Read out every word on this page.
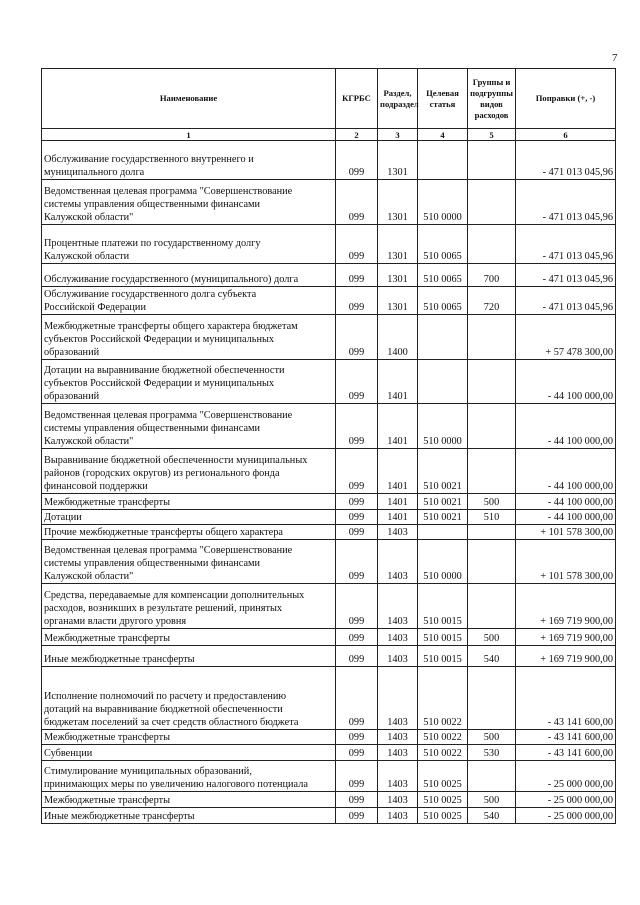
7
Наименование	КГРБС	Раздел, подраздел	Целевая статья	Группы и подгруппы видов расходов	Поправки (+, -)
1	2	3	4	5	6

Обслуживание государственного внутреннего и
муниципального долга	099	1301			- 471 013 045,96

Ведомственная целевая программа "Совершенствование
системы управления общественными финансами
Калужской области"	099	1301	510 0000		- 471 013 045,96

Процентные платежи по государственному долгу
Калужской области	099	1301	510 0065		- 471 013 045,96

Обслуживание государственного (муниципального) долга	099	1301	510 0065	700	- 471 013 045,96

Обслуживание государственного долга субъекта
Российской Федерации	099	1301	510 0065	720	- 471 013 045,96

Межбюджетные трансферты общего характера бюджетам
субъектов Российской Федерации и муниципальных
образований	099	1400			+ 57 478 300,00

Дотации на выравнивание бюджетной обеспеченности
субъектов Российской Федерации и муниципальных
образований	099	1401			- 44 100 000,00

Ведомственная целевая программа "Совершенствование
системы управления общественными финансами
Калужской области"	099	1401	510 0000		- 44 100 000,00

Выравнивание бюджетной обеспеченности муниципальных
районов (городских округов) из регионального фонда
финансовой поддержки	099	1401	510 0021		- 44 100 000,00

Межбюджетные трансферты	099	1401	510 0021	500	- 44 100 000,00

Дотации	099	1401	510 0021	510	- 44 100 000,00

Прочие межбюджетные трансферты общего характера	099	1403			+ 101 578 300,00

Ведомственная целевая программа "Совершенствование
системы управления общественными финансами
Калужской области"	099	1403	510 0000		+ 101 578 300,00

Средства, передаваемые для компенсации дополнительных
расходов, возникших в результате решений, принятых
органами власти другого уровня	099	1403	510 0015		+ 169 719 900,00

Межбюджетные трансферты	099	1403	510 0015	500	+ 169 719 900,00

Иные межбюджетные трансферты	099	1403	510 0015	540	+ 169 719 900,00

Исполнение полномочий по расчету и предоставлению
дотаций на выравнивание бюджетной обеспеченности
бюджетам поселений за счет средств областного бюджета	099	1403	510 0022		- 43 141 600,00

Межбюджетные трансферты	099	1403	510 0022	500	- 43 141 600,00

Субвенции	099	1403	510 0022	530	- 43 141 600,00

Стимулирование муниципальных образований,
принимающих меры по увеличению налогового потенциала	099	1403	510 0025		- 25 000 000,00

Межбюджетные трансферты	099	1403	510 0025	500	- 25 000 000,00

Иные межбюджетные трансферты	099	1403	510 0025	540	- 25 000 000,00
